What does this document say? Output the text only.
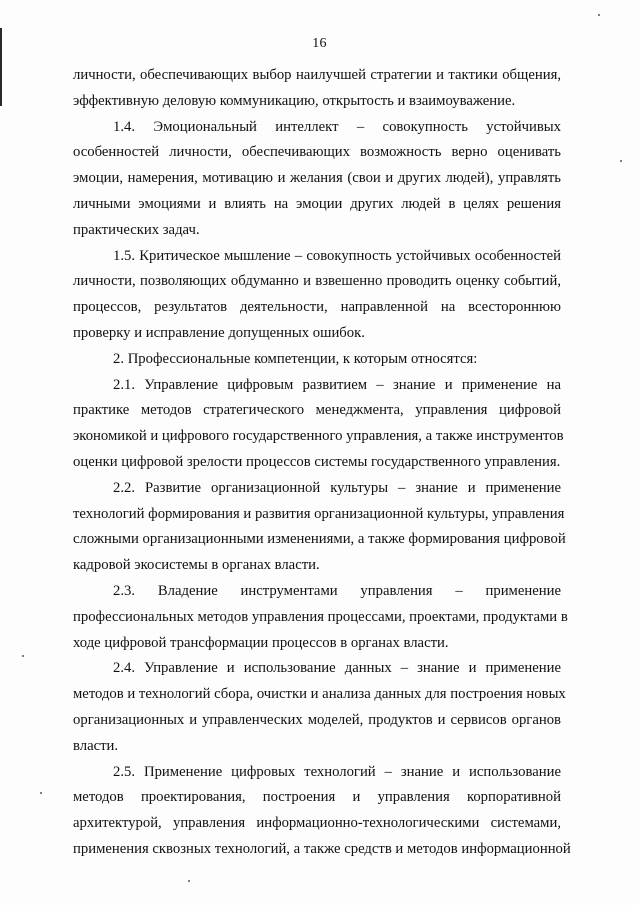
16
личности, обеспечивающих выбор наилучшей стратегии и тактики общения,
эффективную деловую коммуникацию, открытость и взаимоуважение.
1.4. Эмоциональный интеллект – совокупность устойчивых
особенностей личности, обеспечивающих возможность верно оценивать
эмоции, намерения, мотивацию и желания (свои и других людей), управлять
личными эмоциями и влиять на эмоции других людей в целях решения
практических задач.
1.5. Критическое мышление – совокупность устойчивых особенностей
личности, позволяющих обдуманно и взвешенно проводить оценку событий,
процессов, результатов деятельности, направленной на всестороннюю
проверку и исправление допущенных ошибок.
2. Профессиональные компетенции, к которым относятся:
2.1. Управление цифровым развитием – знание и применение на
практике методов стратегического менеджмента, управления цифровой
экономикой и цифрового государственного управления, а также инструментов
оценки цифровой зрелости процессов системы государственного управления.
2.2. Развитие организационной культуры – знание и применение
технологий формирования и развития организационной культуры, управления
сложными организационными изменениями, а также формирования цифровой
кадровой экосистемы в органах власти.
2.3. Владение инструментами управления – применение
профессиональных методов управления процессами, проектами, продуктами в
ходе цифровой трансформации процессов в органах власти.
2.4. Управление и использование данных – знание и применение
методов и технологий сбора, очистки и анализа данных для построения новых
организационных и управленческих моделей, продуктов и сервисов органов
власти.
2.5. Применение цифровых технологий – знание и использование
методов проектирования, построения и управления корпоративной
архитектурой, управления информационно-технологическими системами,
применения сквозных технологий, а также средств и методов информационной
